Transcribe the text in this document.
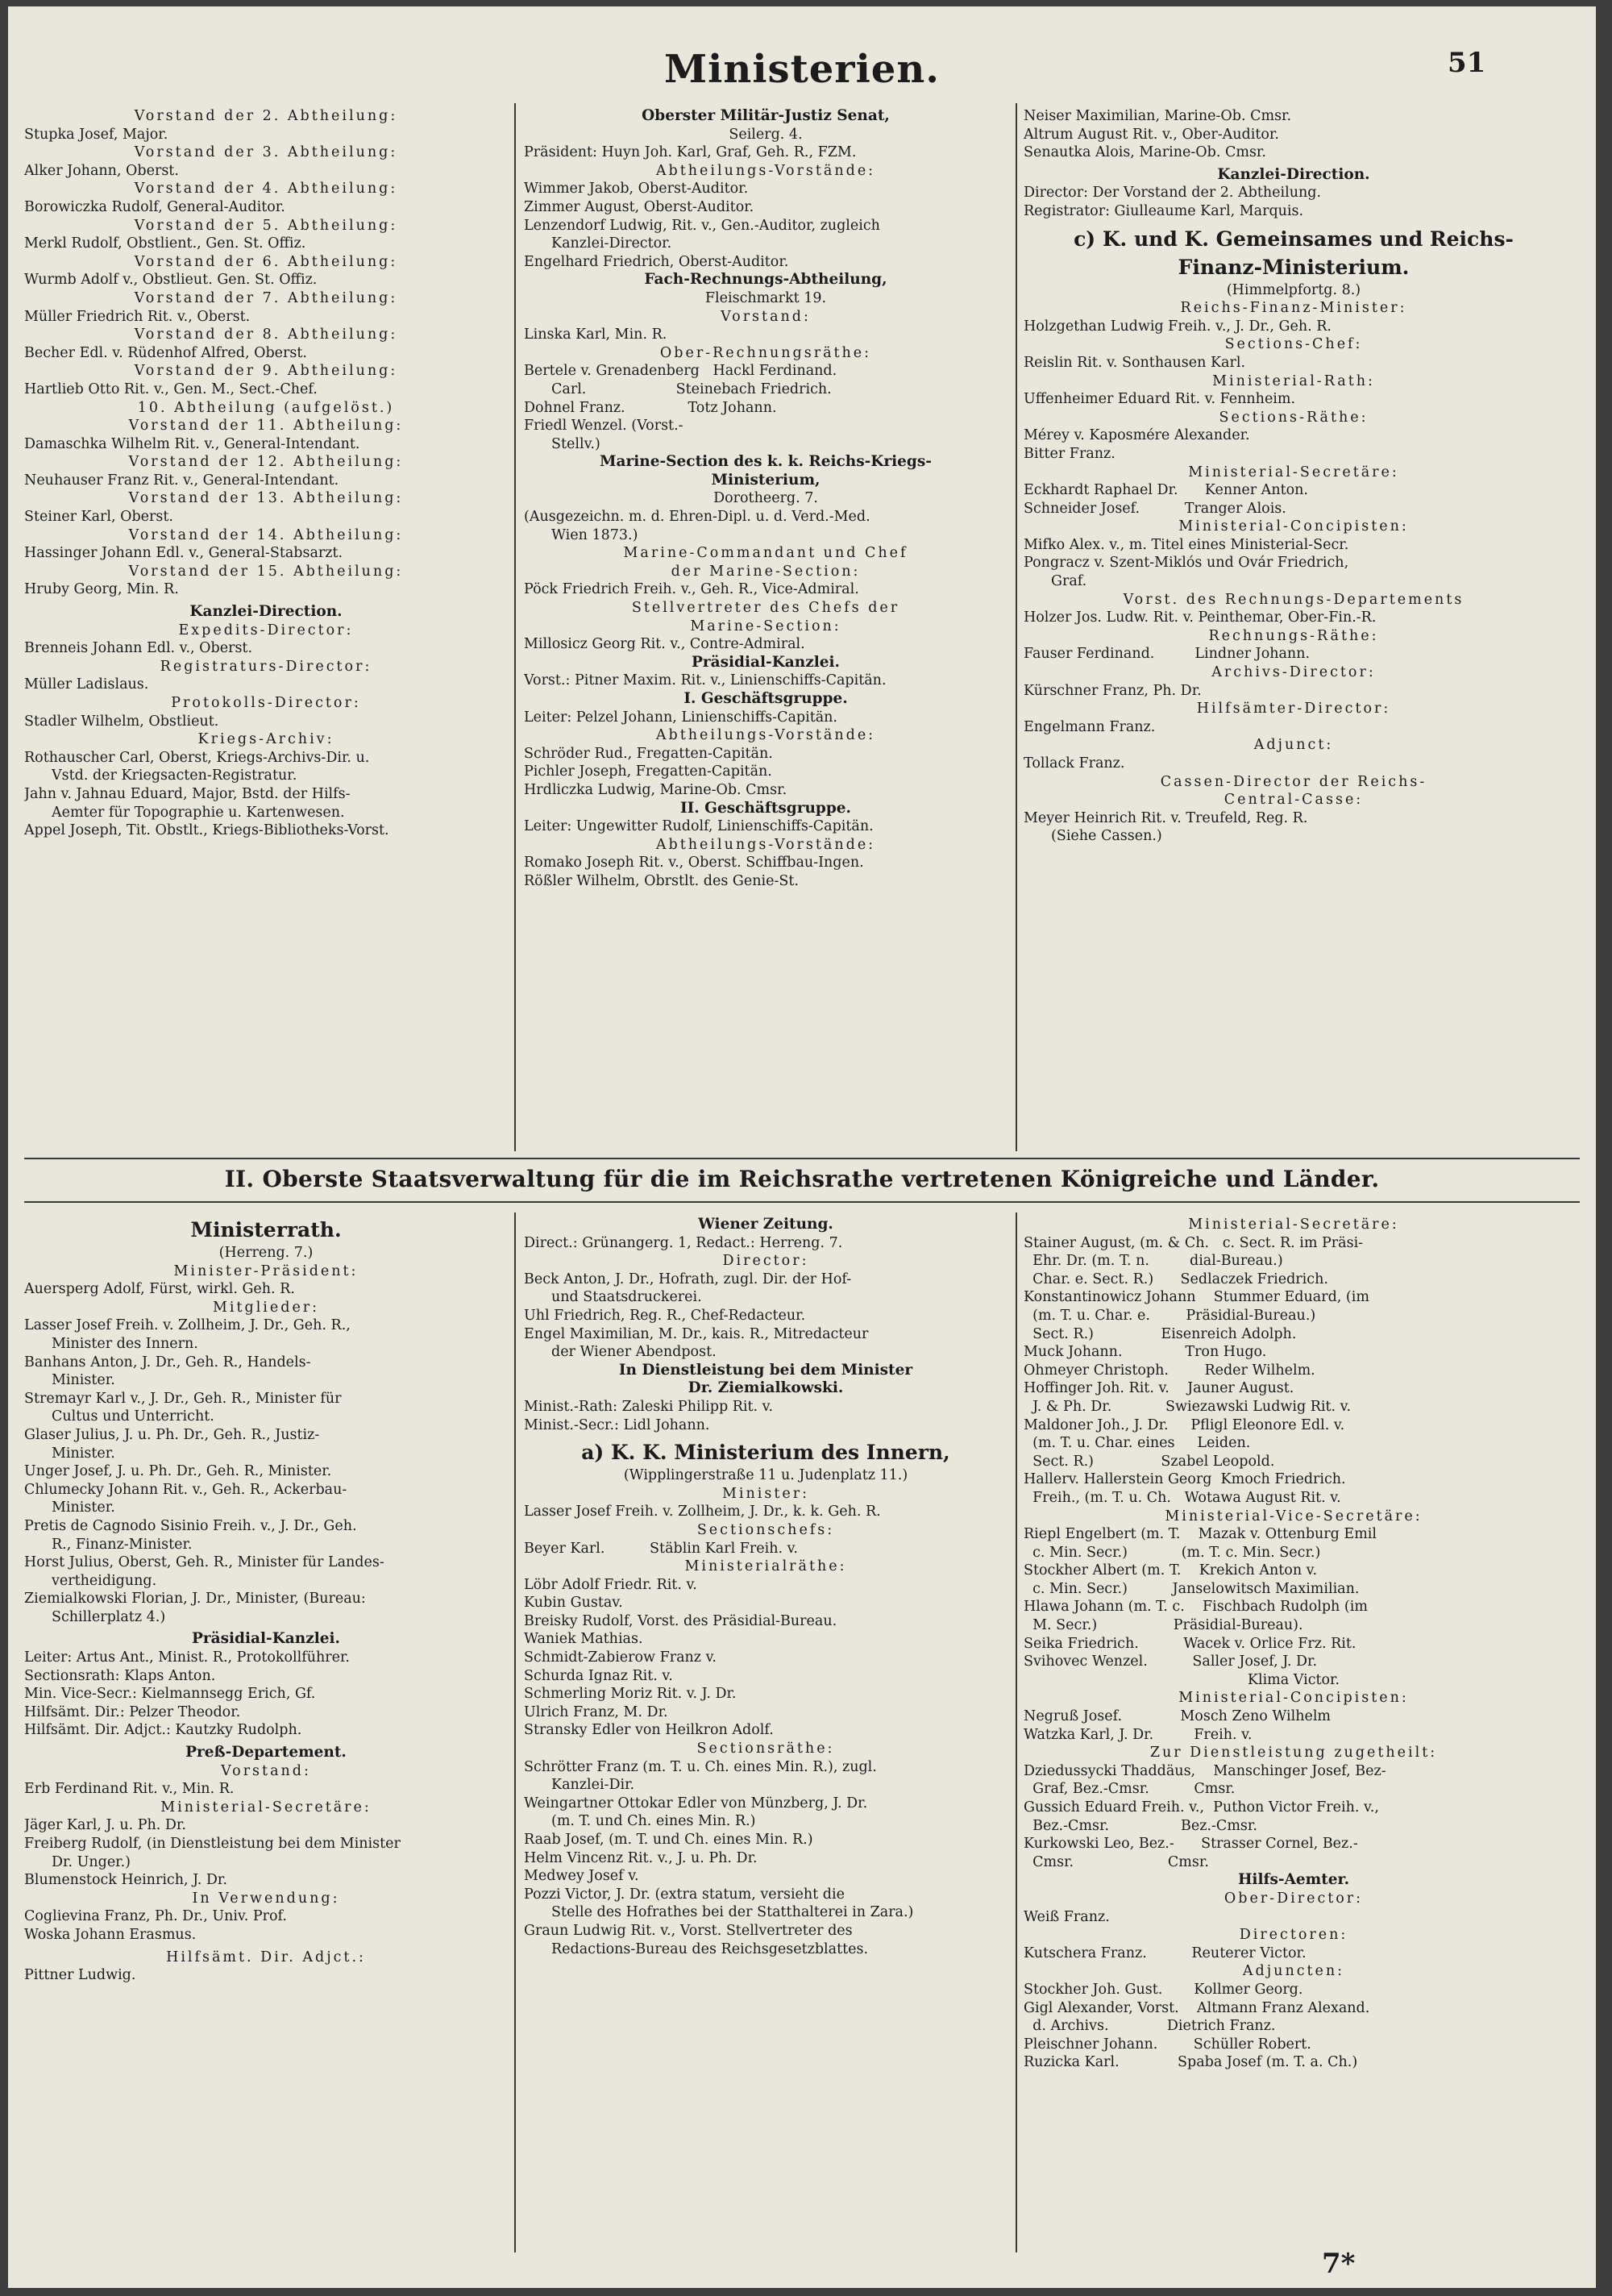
Ministerien.	51
Vorstand der 2. Abtheilung:
Stupka Josef, Major.
Vorstand der 3. Abtheilung:
Alker Johann, Oberst.
Vorstand der 4. Abtheilung:
Borowiczka Rudolf, General-Auditor.
Vorstand der 5. Abtheilung:
Merkl Rudolf, Obstlient., Gen. St. Offiz.
Vorstand der 6. Abtheilung:
Wurmb Adolf v., Obstlieut. Gen. St. Offiz.
Vorstand der 7. Abtheilung:
Müller Friedrich Rit. v., Oberst.
Vorstand der 8. Abtheilung:
Becher Edl. v. Rüdenhof Alfred, Oberst.
Vorstand der 9. Abtheilung:
Hartlieb Otto Rit. v., Gen. M., Sect.-Chef.
10. Abtheilung (aufgelöst.)
Vorstand der 11. Abtheilung:
Damaschka Wilhelm Rit. v., General-Intendant.
Vorstand der 12. Abtheilung:
Neuhauser Franz Rit. v., General-Intendant.
Vorstand der 13. Abtheilung:
Steiner Karl, Oberst.
Vorstand der 14. Abtheilung:
Hassinger Johann Edl. v., General-Stabsarzt.
Vorstand der 15. Abtheilung:
Hruby Georg, Min. R.
Kanzlei-Direction.
Expedits-Director:
Brenneis Johann Edl. v., Oberst.
Registraturs-Director:
Müller Ladislaus.
Protokolls-Director:
Stadler Wilhelm, Obstlieut.
Kriegs-Archiv:
Rothauscher Carl, Oberst, Kriegs-Archivs-Dir. u.
Vstd. der Kriegsacten-Registratur.
Jahn v. Jahnau Eduard, Major, Bstd. der Hilfs-
Aemter für Topographie u. Kartenwesen.
Appel Joseph, Tit. Obstlt., Kriegs-Bibliotheks-Vorst.
Oberster Militär-Justiz Senat,
Seilerg. 4.
Präsident: Huyn Joh. Karl, Graf, Geh. R., FZM.
Abtheilungs-Vorstände:
Wimmer Jakob, Oberst-Auditor.
Zimmer August, Oberst-Auditor.
Lenzendorf Ludwig, Rit. v., Gen.-Auditor, zugleich
Kanzlei-Director.
Engelhard Friedrich, Oberst-Auditor.
Fach-Rechnungs-Abtheilung,
Fleischmarkt 19.
Vorstand:
Linska Karl, Min. R.
Ober-Rechnungsräthe:
Bertele v. Grenadenberg   Hackl Ferdinand.
Carl.                    Steinebach Friedrich.
Dohnel Franz.              Totz Johann.
Friedl Wenzel. (Vorst.-
Stellv.)
Marine-Section des k. k. Reichs-Kriegs-
Ministerium,
Dorotheerg. 7.
(Ausgezeichn. m. d. Ehren-Dipl. u. d. Verd.-Med.
Wien 1873.)
Marine-Commandant und Chef
der Marine-Section:
Pöck Friedrich Freih. v., Geh. R., Vice-Admiral.
Stellvertreter des Chefs der
Marine-Section:
Millosicz Georg Rit. v., Contre-Admiral.
Präsidial-Kanzlei.
Vorst.: Pitner Maxim. Rit. v., Linienschiffs-Capitän.
I. Geschäftsgruppe.
Leiter: Pelzel Johann, Linienschiffs-Capitän.
Abtheilungs-Vorstände:
Schröder Rud., Fregatten-Capitän.
Pichler Joseph, Fregatten-Capitän.
Hrdliczka Ludwig, Marine-Ob. Cmsr.
II. Geschäftsgruppe.
Leiter: Ungewitter Rudolf, Linienschiffs-Capitän.
Abtheilungs-Vorstände:
Romako Joseph Rit. v., Oberst. Schiffbau-Ingen.
Rößler Wilhelm, Obrstlt. des Genie-St.
Neiser Maximilian, Marine-Ob. Cmsr.
Altrum August Rit. v., Ober-Auditor.
Senautka Alois, Marine-Ob. Cmsr.
Kanzlei-Direction.
Director: Der Vorstand der 2. Abtheilung.
Registrator: Giulleaume Karl, Marquis.
c) K. und K. Gemeinsames und Reichs-
Finanz-Ministerium.
(Himmelpfortg. 8.)
Reichs-Finanz-Minister:
Holzgethan Ludwig Freih. v., J. Dr., Geh. R.
Sections-Chef:
Reislin Rit. v. Sonthausen Karl.
Ministerial-Rath:
Uffenheimer Eduard Rit. v. Fennheim.
Sections-Räthe:
Mérey v. Kaposmére Alexander.
Bitter Franz.
Ministerial-Secretäre:
Eckhardt Raphael Dr.      Kenner Anton.
Schneider Josef.          Tranger Alois.
Ministerial-Concipisten:
Mifko Alex. v., m. Titel eines Ministerial-Secr.
Pongracz v. Szent-Miklós und Ovár Friedrich,
Graf.
Vorst. des Rechnungs-Departements
Holzer Jos. Ludw. Rit. v. Peinthemar, Ober-Fin.-R.
Rechnungs-Räthe:
Fauser Ferdinand.         Lindner Johann.
Archivs-Director:
Kürschner Franz, Ph. Dr.
Hilfsämter-Director:
Engelmann Franz.
Adjunct:
Tollack Franz.
Cassen-Director der Reichs-
Central-Casse:
Meyer Heinrich Rit. v. Treufeld, Reg. R.
(Siehe Cassen.)
II. Oberste Staatsverwaltung für die im Reichsrathe vertretenen Königreiche und Länder.
Ministerrath.
(Herreng. 7.)
Minister-Präsident:
Auersperg Adolf, Fürst, wirkl. Geh. R.
Mitglieder:
Lasser Josef Freih. v. Zollheim, J. Dr., Geh. R.,
Minister des Innern.
Banhans Anton, J. Dr., Geh. R., Handels-
Minister.
Stremayr Karl v., J. Dr., Geh. R., Minister für
Cultus und Unterricht.
Glaser Julius, J. u. Ph. Dr., Geh. R., Justiz-
Minister.
Unger Josef, J. u. Ph. Dr., Geh. R., Minister.
Chlumecky Johann Rit. v., Geh. R., Ackerbau-
Minister.
Pretis de Cagnodo Sisinio Freih. v., J. Dr., Geh.
R., Finanz-Minister.
Horst Julius, Oberst, Geh. R., Minister für Landes-
vertheidigung.
Ziemialkowski Florian, J. Dr., Minister, (Bureau:
Schillerplatz 4.)
Präsidial-Kanzlei.
Leiter: Artus Ant., Minist. R., Protokollführer.
Sectionsrath: Klaps Anton.
Min. Vice-Secr.: Kielmannsegg Erich, Gf.
Hilfsämt. Dir.: Pelzer Theodor.
Hilfsämt. Dir. Adjct.: Kautzky Rudolph.
Preß-Departement.
Vorstand:
Erb Ferdinand Rit. v., Min. R.
Ministerial-Secretäre:
Jäger Karl, J. u. Ph. Dr.
Freiberg Rudolf, (in Dienstleistung bei dem Minister
Dr. Unger.)
Blumenstock Heinrich, J. Dr.
In Verwendung:
Coglievina Franz, Ph. Dr., Univ. Prof.
Woska Johann Erasmus.
Hilfsämt. Dir. Adjct.:
Pittner Ludwig.
Wiener Zeitung.
Direct.: Grünangerg. 1, Redact.: Herreng. 7.
Director:
Beck Anton, J. Dr., Hofrath, zugl. Dir. der Hof-
und Staatsdruckerei.
Uhl Friedrich, Reg. R., Chef-Redacteur.
Engel Maximilian, M. Dr., kais. R., Mitredacteur
der Wiener Abendpost.
In Dienstleistung bei dem Minister
Dr. Ziemialkowski.
Minist.-Rath: Zaleski Philipp Rit. v.
Minist.-Secr.: Lidl Johann.
a) K. K. Ministerium des Innern,
(Wipplingerstraße 11 u. Judenplatz 11.)
Minister:
Lasser Josef Freih. v. Zollheim, J. Dr., k. k. Geh. R.
Sectionschefs:
Beyer Karl.          Stäblin Karl Freih. v.
Ministerialräthe:
Löbr Adolf Friedr. Rit. v.
Kubin Gustav.
Breisky Rudolf, Vorst. des Präsidial-Bureau.
Waniek Mathias.
Schmidt-Zabierow Franz v.
Schurda Ignaz Rit. v.
Schmerling Moriz Rit. v. J. Dr.
Ulrich Franz, M. Dr.
Stransky Edler von Heilkron Adolf.
Sectionsräthe:
Schrötter Franz (m. T. u. Ch. eines Min. R.), zugl.
Kanzlei-Dir.
Weingartner Ottokar Edler von Münzberg, J. Dr.
(m. T. und Ch. eines Min. R.)
Raab Josef, (m. T. und Ch. eines Min. R.)
Helm Vincenz Rit. v., J. u. Ph. Dr.
Medwey Josef v.
Pozzi Victor, J. Dr. (extra statum, versieht die
Stelle des Hofrathes bei der Statthalterei in Zara.)
Graun Ludwig Rit. v., Vorst. Stellvertreter des
Redactions-Bureau des Reichsgesetzblattes.
Ministerial-Secretäre:
Stainer August, (m. & Ch.   c. Sect. R. im Präsi-
Ehr. Dr. (m. T. n.         dial-Bureau.)
Char. e. Sect. R.)      Sedlaczek Friedrich.
Konstantinowicz Johann    Stummer Eduard, (im
(m. T. u. Char. e.        Präsidial-Bureau.)
Sect. R.)               Eisenreich Adolph.
Muck Johann.              Tron Hugo.
Ohmeyer Christoph.        Reder Wilhelm.
Hoffinger Joh. Rit. v.    Jauner August.
J. & Ph. Dr.            Swiezawski Ludwig Rit. v.
Maldoner Joh., J. Dr.     Pfligl Eleonore Edl. v.
(m. T. u. Char. eines     Leiden.
Sect. R.)               Szabel Leopold.
Hallerv. Hallerstein Georg  Kmoch Friedrich.
Freih., (m. T. u. Ch.   Wotawa August Rit. v.
Ministerial-Vice-Secretäre:
Riepl Engelbert (m. T.    Mazak v. Ottenburg Emil
c. Min. Secr.)            (m. T. c. Min. Secr.)
Stockher Albert (m. T.    Krekich Anton v.
c. Min. Secr.)          Janselowitsch Maximilian.
Hlawa Johann (m. T. c.    Fischbach Rudolph (im
M. Secr.)                 Präsidial-Bureau).
Seika Friedrich.          Wacek v. Orlice Frz. Rit.
Svihovec Wenzel.          Saller Josef, J. Dr.
Klima Victor.
Ministerial-Concipisten:
Negruß Josef.             Mosch Zeno Wilhelm
Watzka Karl, J. Dr.         Freih. v.
Zur Dienstleistung zugetheilt:
Dziedussycki Thaddäus,    Manschinger Josef, Bez-
Graf, Bez.-Cmsr.          Cmsr.
Gussich Eduard Freih. v.,  Puthon Victor Freih. v.,
Bez.-Cmsr.                Bez.-Cmsr.
Kurkowski Leo, Bez.-      Strasser Cornel, Bez.-
Cmsr.                     Cmsr.
Hilfs-Aemter.
Ober-Director:
Weiß Franz.
Directoren:
Kutschera Franz.          Reuterer Victor.
Adjuncten:
Stockher Joh. Gust.       Kollmer Georg.
Gigl Alexander, Vorst.    Altmann Franz Alexand.
d. Archivs.             Dietrich Franz.
Pleischner Johann.        Schüller Robert.
Ruzicka Karl.             Spaba Josef (m. T. a. Ch.)
7*
